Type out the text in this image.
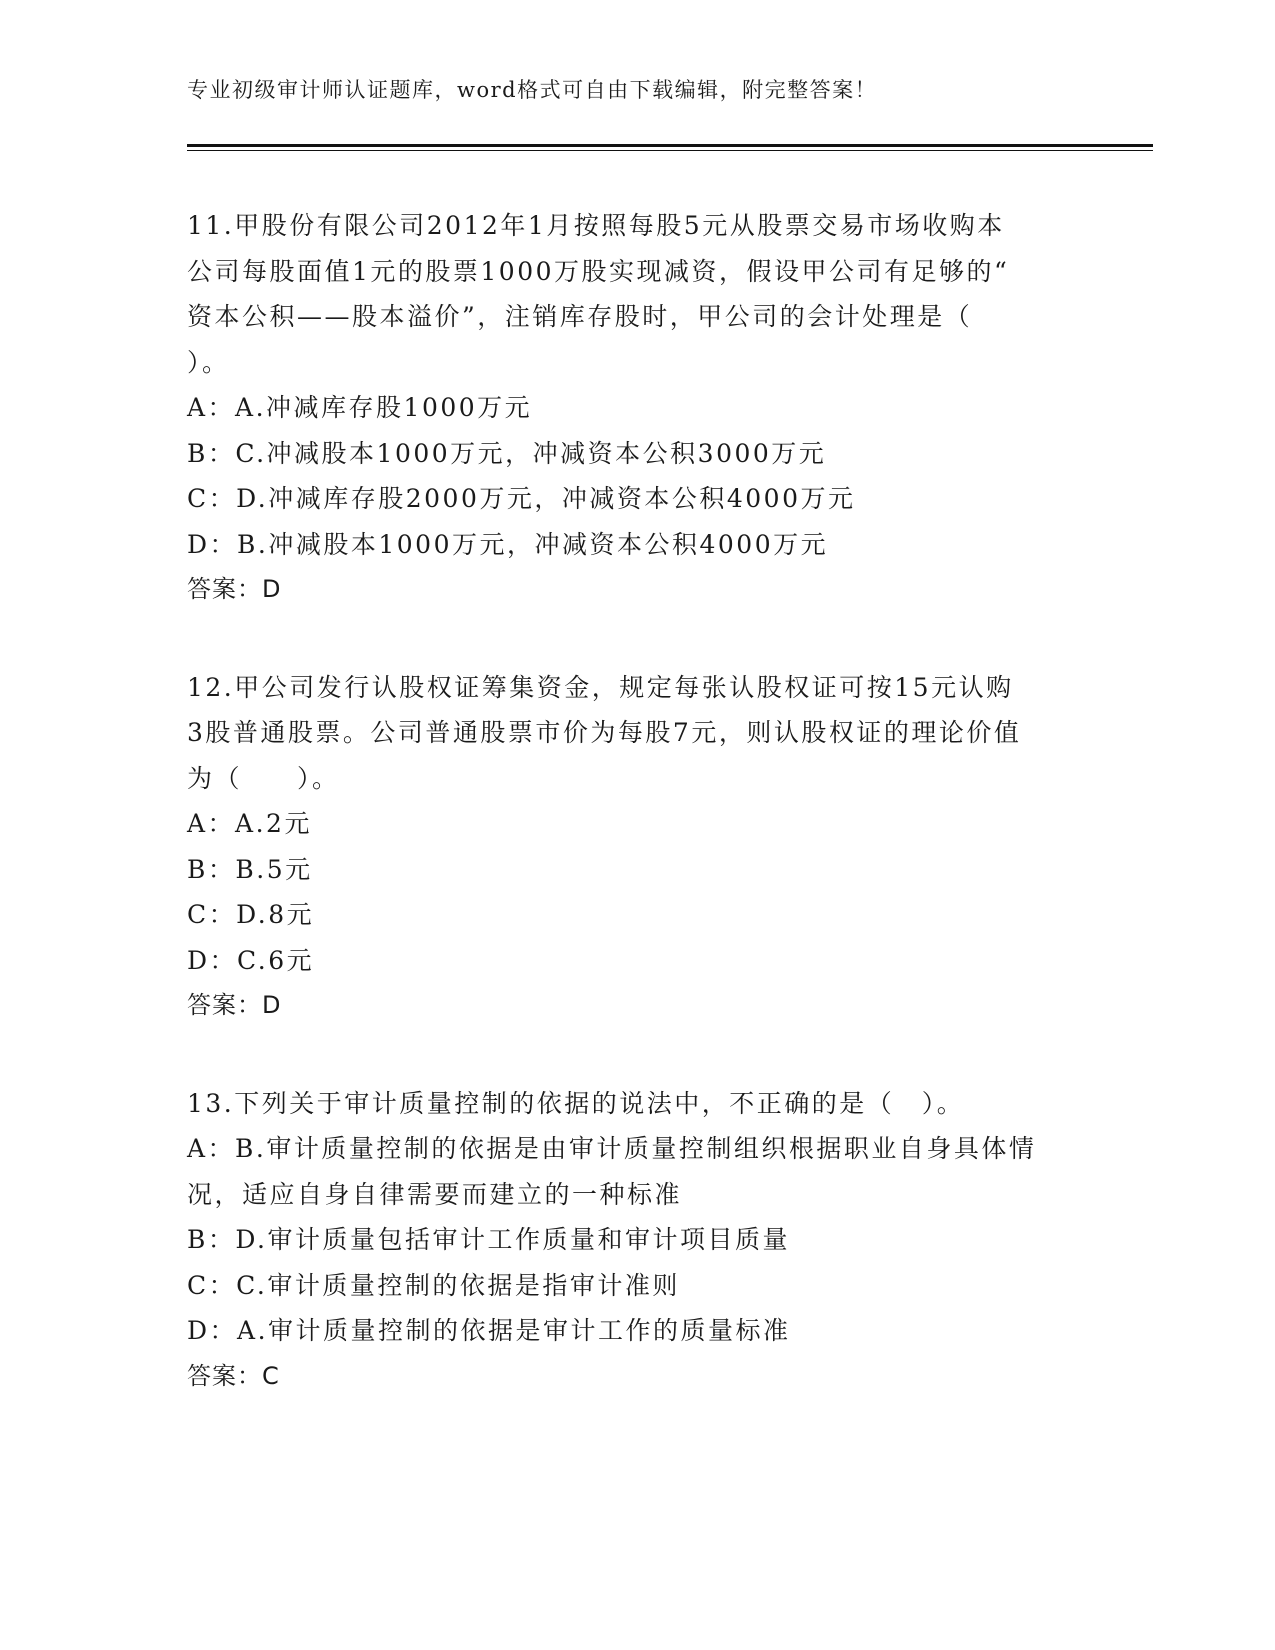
专业初级审计师认证题库，word格式可自由下载编辑，附完整答案！
11.甲股份有限公司2012年1月按照每股5元从股票交易市场收购本
公司每股面值1元的股票1000万股实现减资，假设甲公司有足够的“
资本公积——股本溢价”，注销库存股时，甲公司的会计处理是（
）。
A：A.冲减库存股1000万元
B：C.冲减股本1000万元，冲减资本公积3000万元
C：D.冲减库存股2000万元，冲减资本公积4000万元
D：B.冲减股本1000万元，冲减资本公积4000万元
答案：D
12.甲公司发行认股权证筹集资金，规定每张认股权证可按15元认购
3股普通股票。公司普通股票市价为每股7元，则认股权证的理论价值
为（　　）。
A：A.2元
B：B.5元
C：D.8元
D：C.6元
答案：D
13.下列关于审计质量控制的依据的说法中，不正确的是（　）。
A：B.审计质量控制的依据是由审计质量控制组织根据职业自身具体情
况，适应自身自律需要而建立的一种标准
B：D.审计质量包括审计工作质量和审计项目质量
C：C.审计质量控制的依据是指审计准则
D：A.审计质量控制的依据是审计工作的质量标准
答案：C
